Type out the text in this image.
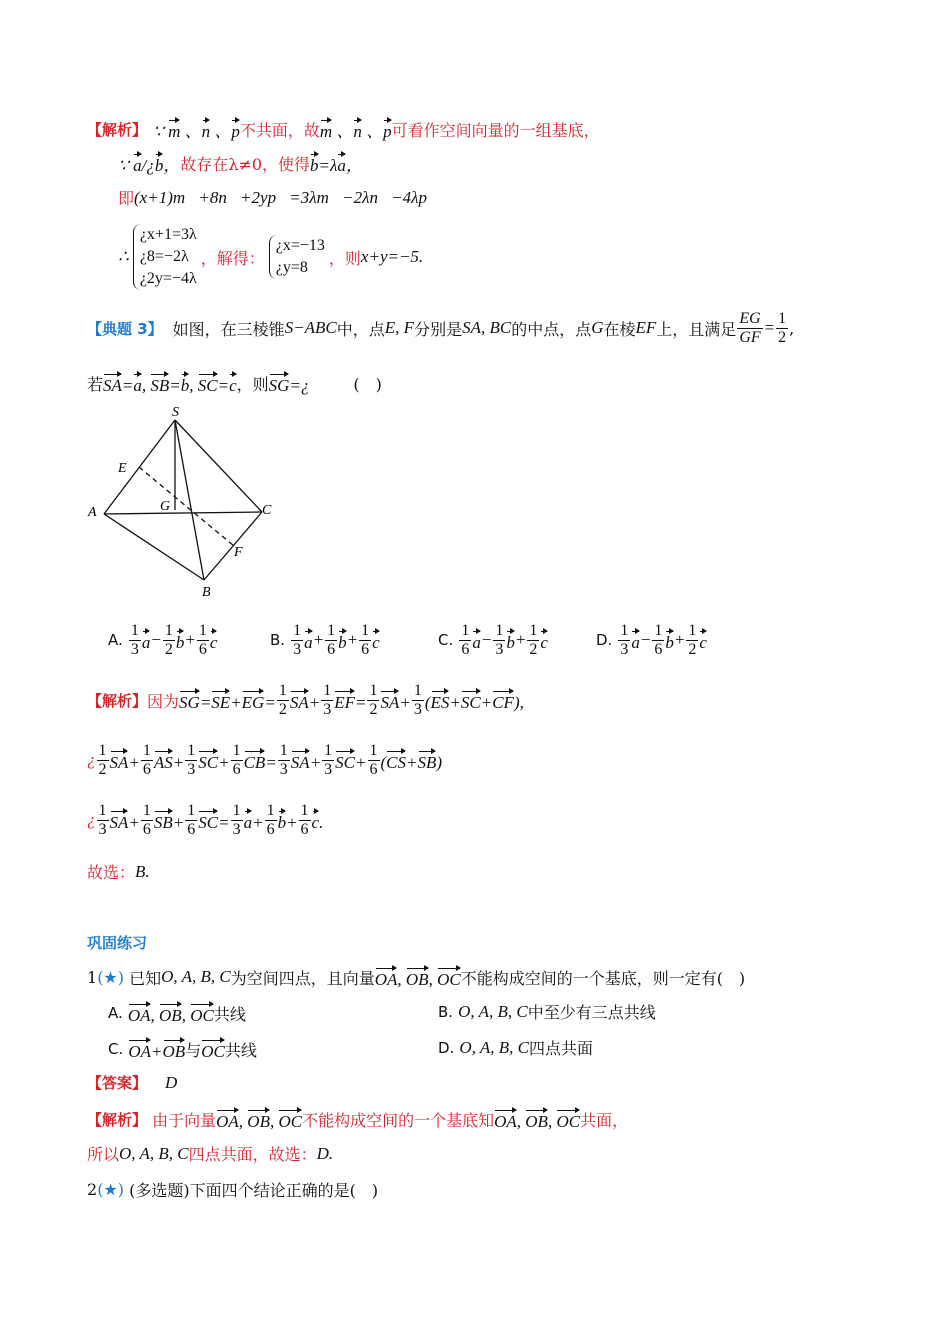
【解析】 ∵ m 、n 、p 不共面，故 m 、n 、p 可看作空间向量的一组基底，
∵ a/¿b， 故存在λ≠0，使得 b=λa，
即 (x+1)m⃗+8n⃗+2yp⃗=3λm⃗−2λn⃗−4λp⃗，
∴
¿x+1=3λ
¿8=−2λ
¿2y=−4λ
，解得：
¿x=−13
¿y=8	，则 x+y=−5.
【典题 3】 如图，在三棱锥 S−ABC 中，点 E, F 分别是 SA, BC 的中点，点 G 在棱 EF 上，且满足 $\frac{EG}{GF} = \frac{1}{2}$ ,
若 SA=a, SB=b, SC=c ，则 SG=¿	(　)
S
E
A	G	C
F
B
A.
$\frac{1}{3}$ $a - \frac{1}{2}$ $b + \frac{1}{6}$ c	B.
$\frac{1}{3}$ $a + \frac{1}{6}$ $b + \frac{1}{6}$ c	C.
$\frac{1}{6}$ $a - \frac{1}{3}$ $b + \frac{1}{2}$ c	D.
$\frac{1}{3}$ $a - \frac{1}{6}$ $b + \frac{1}{2}$ c
【解析】 因为 $SG=SE+EG= \frac{1}{2} SA+ \frac{1}{3} EF= \frac{1}{2} SA+ \frac{1}{3} (ES+SC+CF)$,
¿ $\frac{1}{2} SA+ \frac{1}{6} AS+ \frac{1}{3} SC+ \frac{1}{6} CB= \frac{1}{3} SA+ \frac{1}{3} SC+ \frac{1}{6} (CS+SB)$
¿ $\frac{1}{3} SA+ \frac{1}{6} SB+ \frac{1}{6} SC= \frac{1}{3} a+ \frac{1}{6} b+ \frac{1}{6} c$.
故选： B.
巩固练习
1 (★)
已知 O, A, B, C 为空间四点，且向量 OA, OB, OC 不能构成空间的一个基底，则一定有(　)
A.
OA, OB, OC 共线	B.
O, A, B, C 中至少有三点共线
C.
OA+OB 与 OC 共线	D.
O, A, B, C 四点共面
【答案】 D
【解析】
由于向量 OA, OB, OC 不能构成空间的一个基底知 OA, OB, OC 共面，
所以 O, A, B, C 四点共面，故选： D.
2 (★)
(多选题)下面四个结论正确的是(　)
